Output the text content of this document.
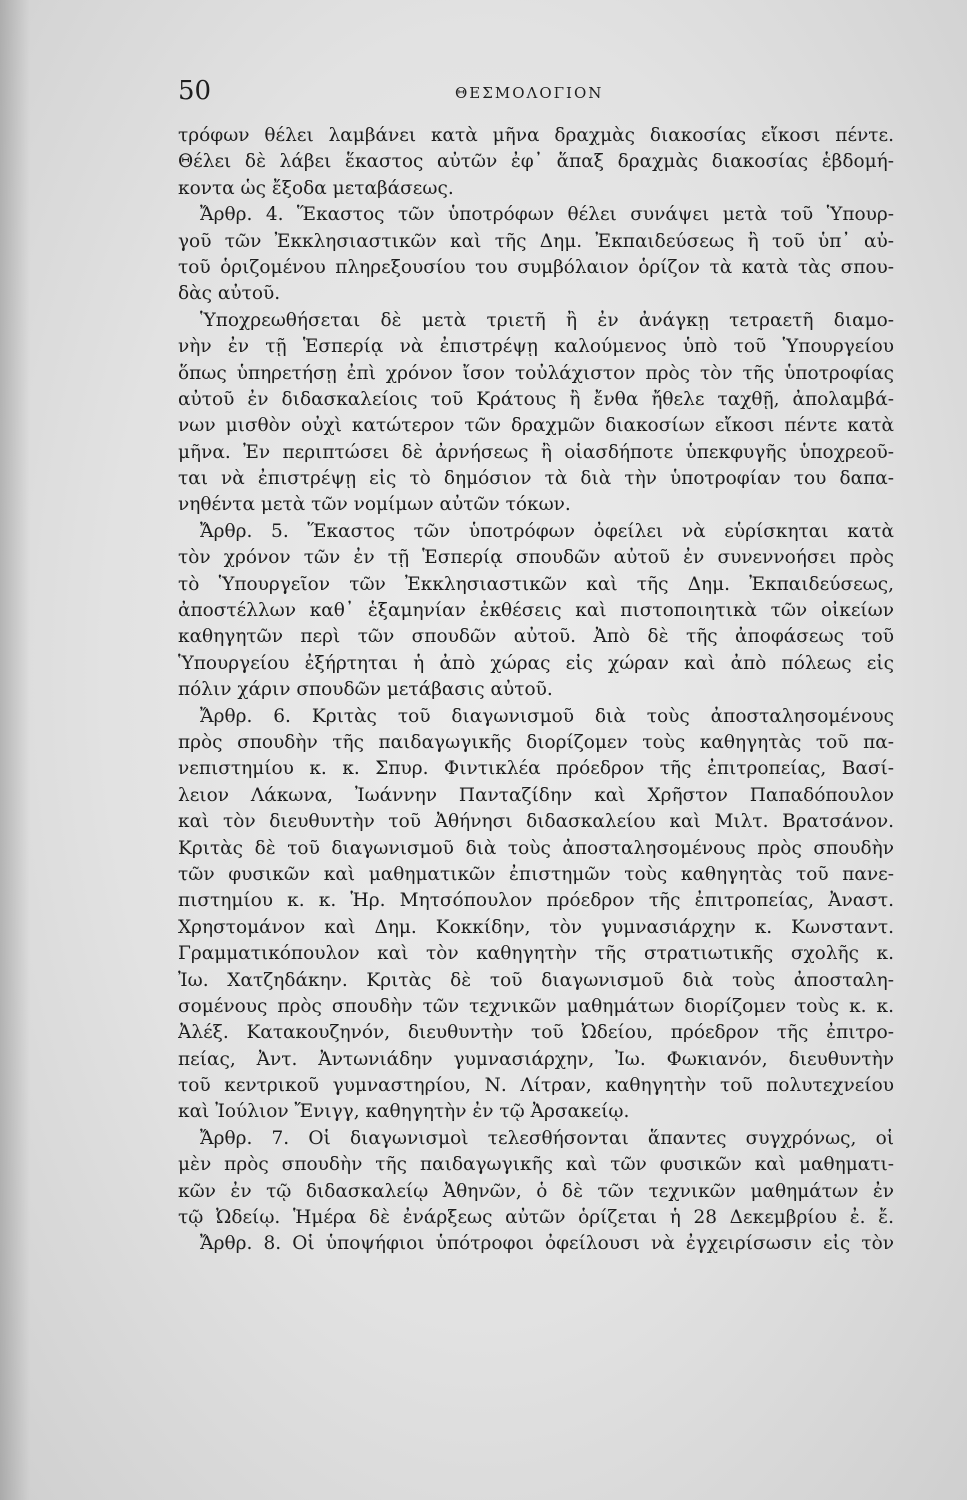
50	ΘΕΣΜΟΛΟΓΙΟΝ
τρόφων θέλει λαμβάνει κατὰ μῆνα δραχμὰς διακοσίας εἴκοσι πέντε.
Θέλει δὲ λάβει ἕκαστος αὐτῶν ἐφ᾽ ἅπαξ δραχμὰς διακοσίας ἑβδομή-
κοντα ὡς ἔξοδα μεταβάσεως.
Ἄρθρ. 4. Ἕκαστος τῶν ὑποτρόφων θέλει συνάψει μετὰ τοῦ Ὑπουρ-
γοῦ τῶν Ἐκκλησιαστικῶν καὶ τῆς Δημ. Ἐκπαιδεύσεως ἢ τοῦ ὑπ᾽ αὐ-
τοῦ ὁριζομένου πληρεξουσίου του συμβόλαιον ὁρίζον τὰ κατὰ τὰς σπου-
δὰς αὐτοῦ.
Ὑποχρεωθήσεται δὲ μετὰ τριετῆ ἢ ἐν ἀνάγκῃ τετραετῆ διαμο-
νὴν ἐν τῇ Ἑσπερίᾳ νὰ ἐπιστρέψῃ καλούμενος ὑπὸ τοῦ Ὑπουργείου
ὅπως ὑπηρετήσῃ ἐπὶ χρόνον ἴσον τοὐλάχιστον πρὸς τὸν τῆς ὑποτροφίας
αὐτοῦ ἐν διδασκαλείοις τοῦ Κράτους ἢ ἔνθα ἤθελε ταχθῇ, ἀπολαμβά-
νων μισθὸν οὐχὶ κατώτερον τῶν δραχμῶν διακοσίων εἴκοσι πέντε κατὰ
μῆνα. Ἐν περιπτώσει δὲ ἀρνήσεως ἢ οἱασδήποτε ὑπεκφυγῆς ὑποχρεοῦ-
ται νὰ ἐπιστρέψῃ εἰς τὸ δημόσιον τὰ διὰ τὴν ὑποτροφίαν του δαπα-
νηθέντα μετὰ τῶν νομίμων αὐτῶν τόκων.
Ἄρθρ. 5. Ἕκαστος τῶν ὑποτρόφων ὀφείλει νὰ εὑρίσκηται κατὰ
τὸν χρόνον τῶν ἐν τῇ Ἑσπερίᾳ σπουδῶν αὐτοῦ ἐν συνεννοήσει πρὸς
τὸ Ὑπουργεῖον τῶν Ἐκκλησιαστικῶν καὶ τῆς Δημ. Ἐκπαιδεύσεως,
ἀποστέλλων καθ᾽ ἑξαμηνίαν ἐκθέσεις καὶ πιστοποιητικὰ τῶν οἰκείων
καθηγητῶν περὶ τῶν σπουδῶν αὐτοῦ. Ἀπὸ δὲ τῆς ἀποφάσεως τοῦ
Ὑπουργείου ἐξήρτηται ἡ ἀπὸ χώρας εἰς χώραν καὶ ἀπὸ πόλεως εἰς
πόλιν χάριν σπουδῶν μετάβασις αὐτοῦ.
Ἄρθρ. 6. Κριτὰς τοῦ διαγωνισμοῦ διὰ τοὺς ἀποσταλησομένους
πρὸς σπουδὴν τῆς παιδαγωγικῆς διορίζομεν τοὺς καθηγητὰς τοῦ πα-
νεπιστημίου κ. κ. Σπυρ. Φιντικλέα πρόεδρον τῆς ἐπιτροπείας, Βασί-
λειον Λάκωνα, Ἰωάννην Πανταζίδην καὶ Χρῆστον Παπαδόπουλον
καὶ τὸν διευθυντὴν τοῦ Ἀθήνησι διδασκαλείου καὶ Μιλτ. Βρατσάνον.
Κριτὰς δὲ τοῦ διαγωνισμοῦ διὰ τοὺς ἀποσταλησομένους πρὸς σπουδὴν
τῶν φυσικῶν καὶ μαθηματικῶν ἐπιστημῶν τοὺς καθηγητὰς τοῦ πανε-
πιστημίου κ. κ. Ἡρ. Μητσόπουλον πρόεδρον τῆς ἐπιτροπείας, Ἀναστ.
Χρηστομάνον καὶ Δημ. Κοκκίδην, τὸν γυμνασιάρχην κ. Κωνσταντ.
Γραμματικόπουλον καὶ τὸν καθηγητὴν τῆς στρατιωτικῆς σχολῆς κ.
Ἰω. Χατζηδάκην. Κριτὰς δὲ τοῦ διαγωνισμοῦ διὰ τοὺς ἀποσταλη-
σομένους πρὸς σπουδὴν τῶν τεχνικῶν μαθημάτων διορίζομεν τοὺς κ. κ.
Ἀλέξ. Κατακουζηνόν, διευθυντὴν τοῦ Ὠδείου, πρόεδρον τῆς ἐπιτρο-
πείας, Ἀντ. Ἀντωνιάδην γυμνασιάρχην, Ἰω. Φωκιανόν, διευθυντὴν
τοῦ κεντρικοῦ γυμναστηρίου, Ν. Λίτραν, καθηγητὴν τοῦ πολυτεχνείου
καὶ Ἰούλιον Ἔνιγγ, καθηγητὴν ἐν τῷ Ἀρσακείῳ.
Ἄρθρ. 7. Οἱ διαγωνισμοὶ τελεσθήσονται ἅπαντες συγχρόνως, οἱ
μὲν πρὸς σπουδὴν τῆς παιδαγωγικῆς καὶ τῶν φυσικῶν καὶ μαθηματι-
κῶν ἐν τῷ διδασκαλείῳ Ἀθηνῶν, ὁ δὲ τῶν τεχνικῶν μαθημάτων ἐν
τῷ Ὠδείῳ. Ἡμέρα δὲ ἐνάρξεως αὐτῶν ὁρίζεται ἡ 28 Δεκεμβρίου ἐ. ἔ.
Ἄρθρ. 8. Οἱ ὑποψήφιοι ὑπότροφοι ὀφείλουσι νὰ ἐγχειρίσωσιν εἰς τὸν
